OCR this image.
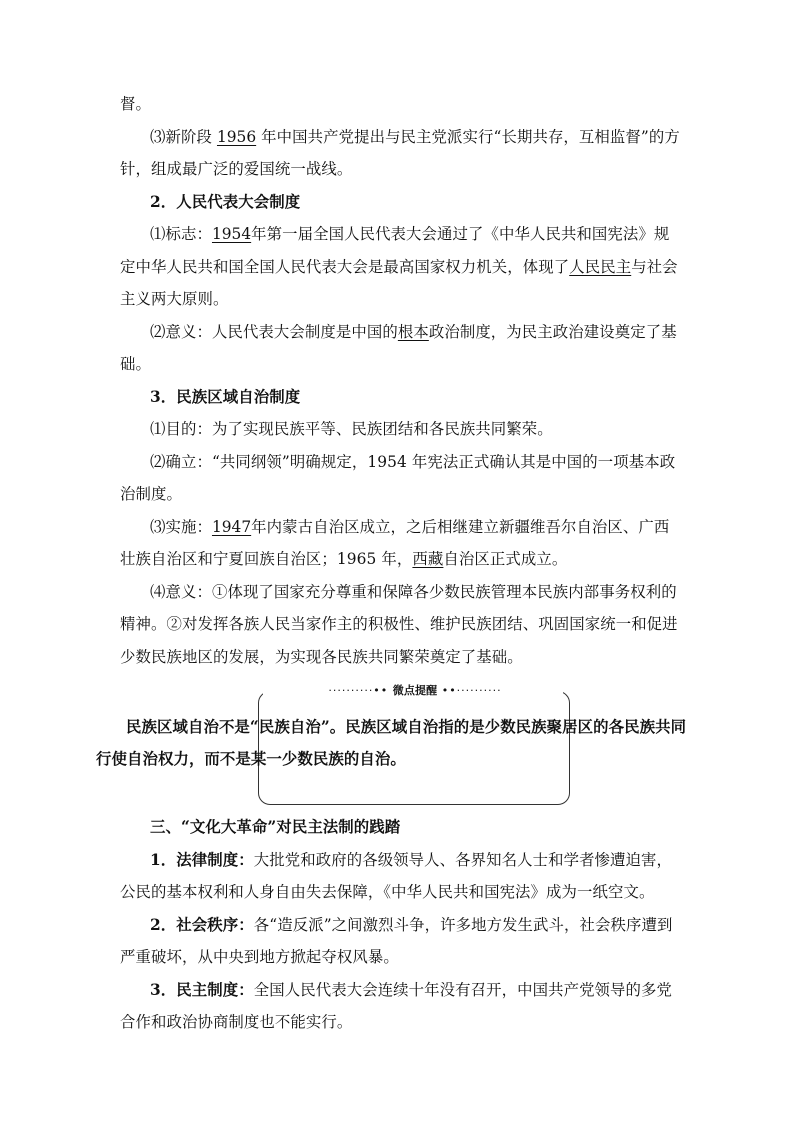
督。

⑶新阶段 1956 年中国共产党提出与民主党派实行“长期共存，互相监督”的方针，组成最广泛的爱国统一战线。

2．人民代表大会制度

⑴标志：1954年第一届全国人民代表大会通过了《中华人民共和国宪法》规定中华人民共和国全国人民代表大会是最高国家权力机关，体现了人民民主与社会主义两大原则。

⑵意义：人民代表大会制度是中国的根本政治制度，为民主政治建设奠定了基础。

3．民族区域自治制度

⑴目的：为了实现民族平等、民族团结和各民族共同繁荣。

⑵确立：“共同纲领”明确规定，1954 年宪法正式确认其是中国的一项基本政治制度。

⑶实施：1947年内蒙古自治区成立，之后相继建立新疆维吾尔自治区、广西壮族自治区和宁夏回族自治区；1965 年，西藏自治区正式成立。

⑷意义：①体现了国家充分尊重和保障各少数民族管理本民族内部事务权利的精神。②对发挥各族人民当家作主的积极性、维护民族团结、巩固国家统一和促进少数民族地区的发展，为实现各民族共同繁荣奠定了基础。

··········•• 微点提醒 ••··········
民族区域自治不是“民族自治”。民族区域自治指的是少数民族聚居区的各民族共同行使自治权力，而不是某一少数民族的自治。

三、“文化大革命”对民主法制的践踏

1．法律制度：大批党和政府的各级领导人、各界知名人士和学者惨遭迫害，公民的基本权利和人身自由失去保障，《中华人民共和国宪法》成为一纸空文。

2．社会秩序：各“造反派”之间激烈斗争，许多地方发生武斗，社会秩序遭到严重破坏，从中央到地方掀起夺权风暴。

3．民主制度：全国人民代表大会连续十年没有召开，中国共产党领导的多党合作和政治协商制度也不能实行。
